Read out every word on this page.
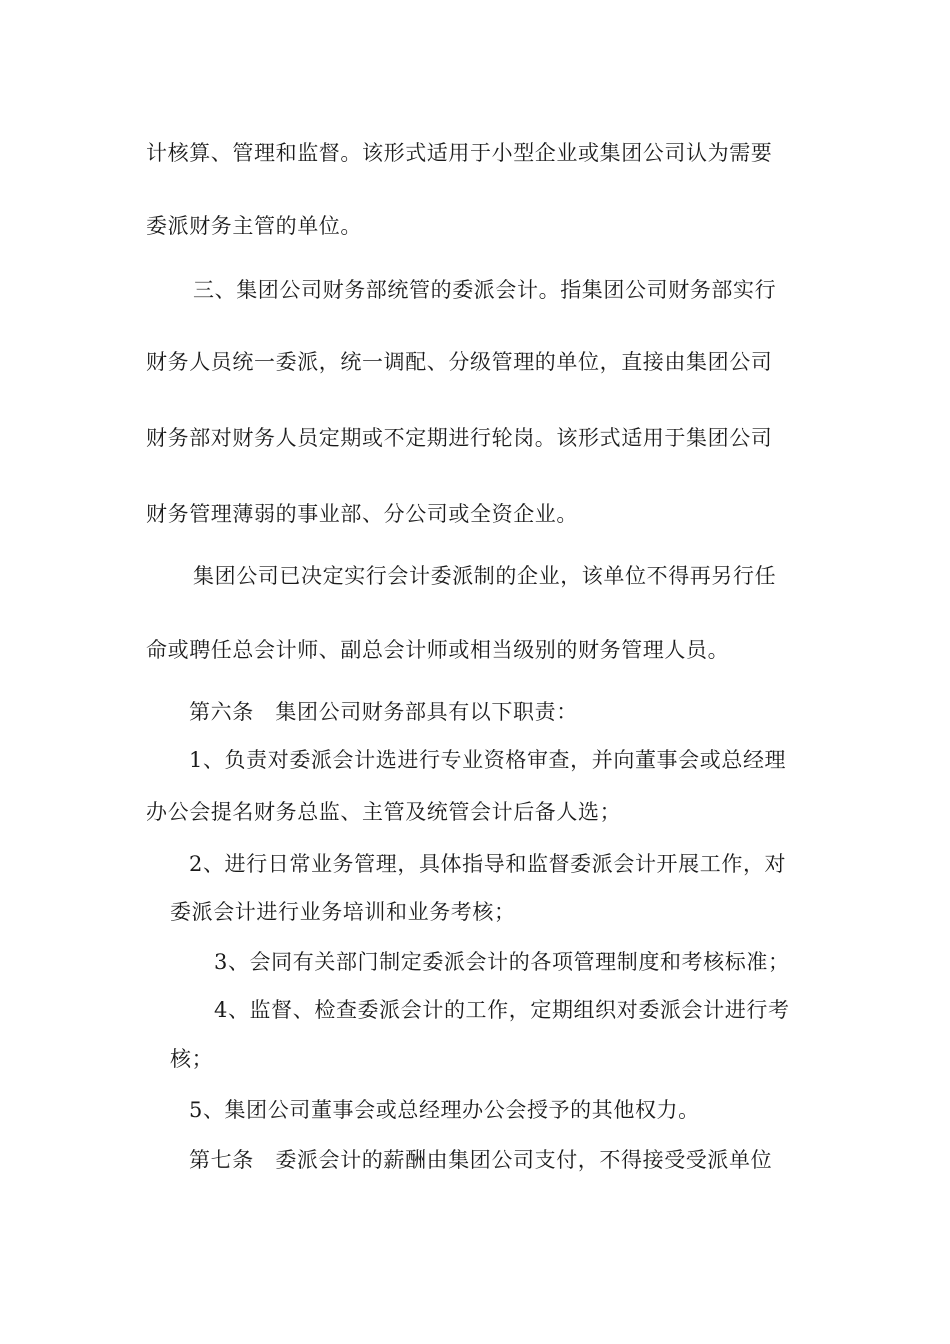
计核算、管理和监督。该形式适用于小型企业或集团公司认为需要
委派财务主管的单位。
三、集团公司财务部统管的委派会计。指集团公司财务部实行
财务人员统一委派，统一调配、分级管理的单位，直接由集团公司
财务部对财务人员定期或不定期进行轮岗。该形式适用于集团公司
财务管理薄弱的事业部、分公司或全资企业。
集团公司已决定实行会计委派制的企业，该单位不得再另行任
命或聘任总会计师、副总会计师或相当级别的财务管理人员。
第六条　集团公司财务部具有以下职责：
1、负责对委派会计选进行专业资格审查，并向董事会或总经理
办公会提名财务总监、主管及统管会计后备人选；
2、进行日常业务管理，具体指导和监督委派会计开展工作，对
委派会计进行业务培训和业务考核；
3、会同有关部门制定委派会计的各项管理制度和考核标准；
4、监督、检查委派会计的工作，定期组织对委派会计进行考
核；
5、集团公司董事会或总经理办公会授予的其他权力。
第七条　委派会计的薪酬由集团公司支付，不得接受受派单位
